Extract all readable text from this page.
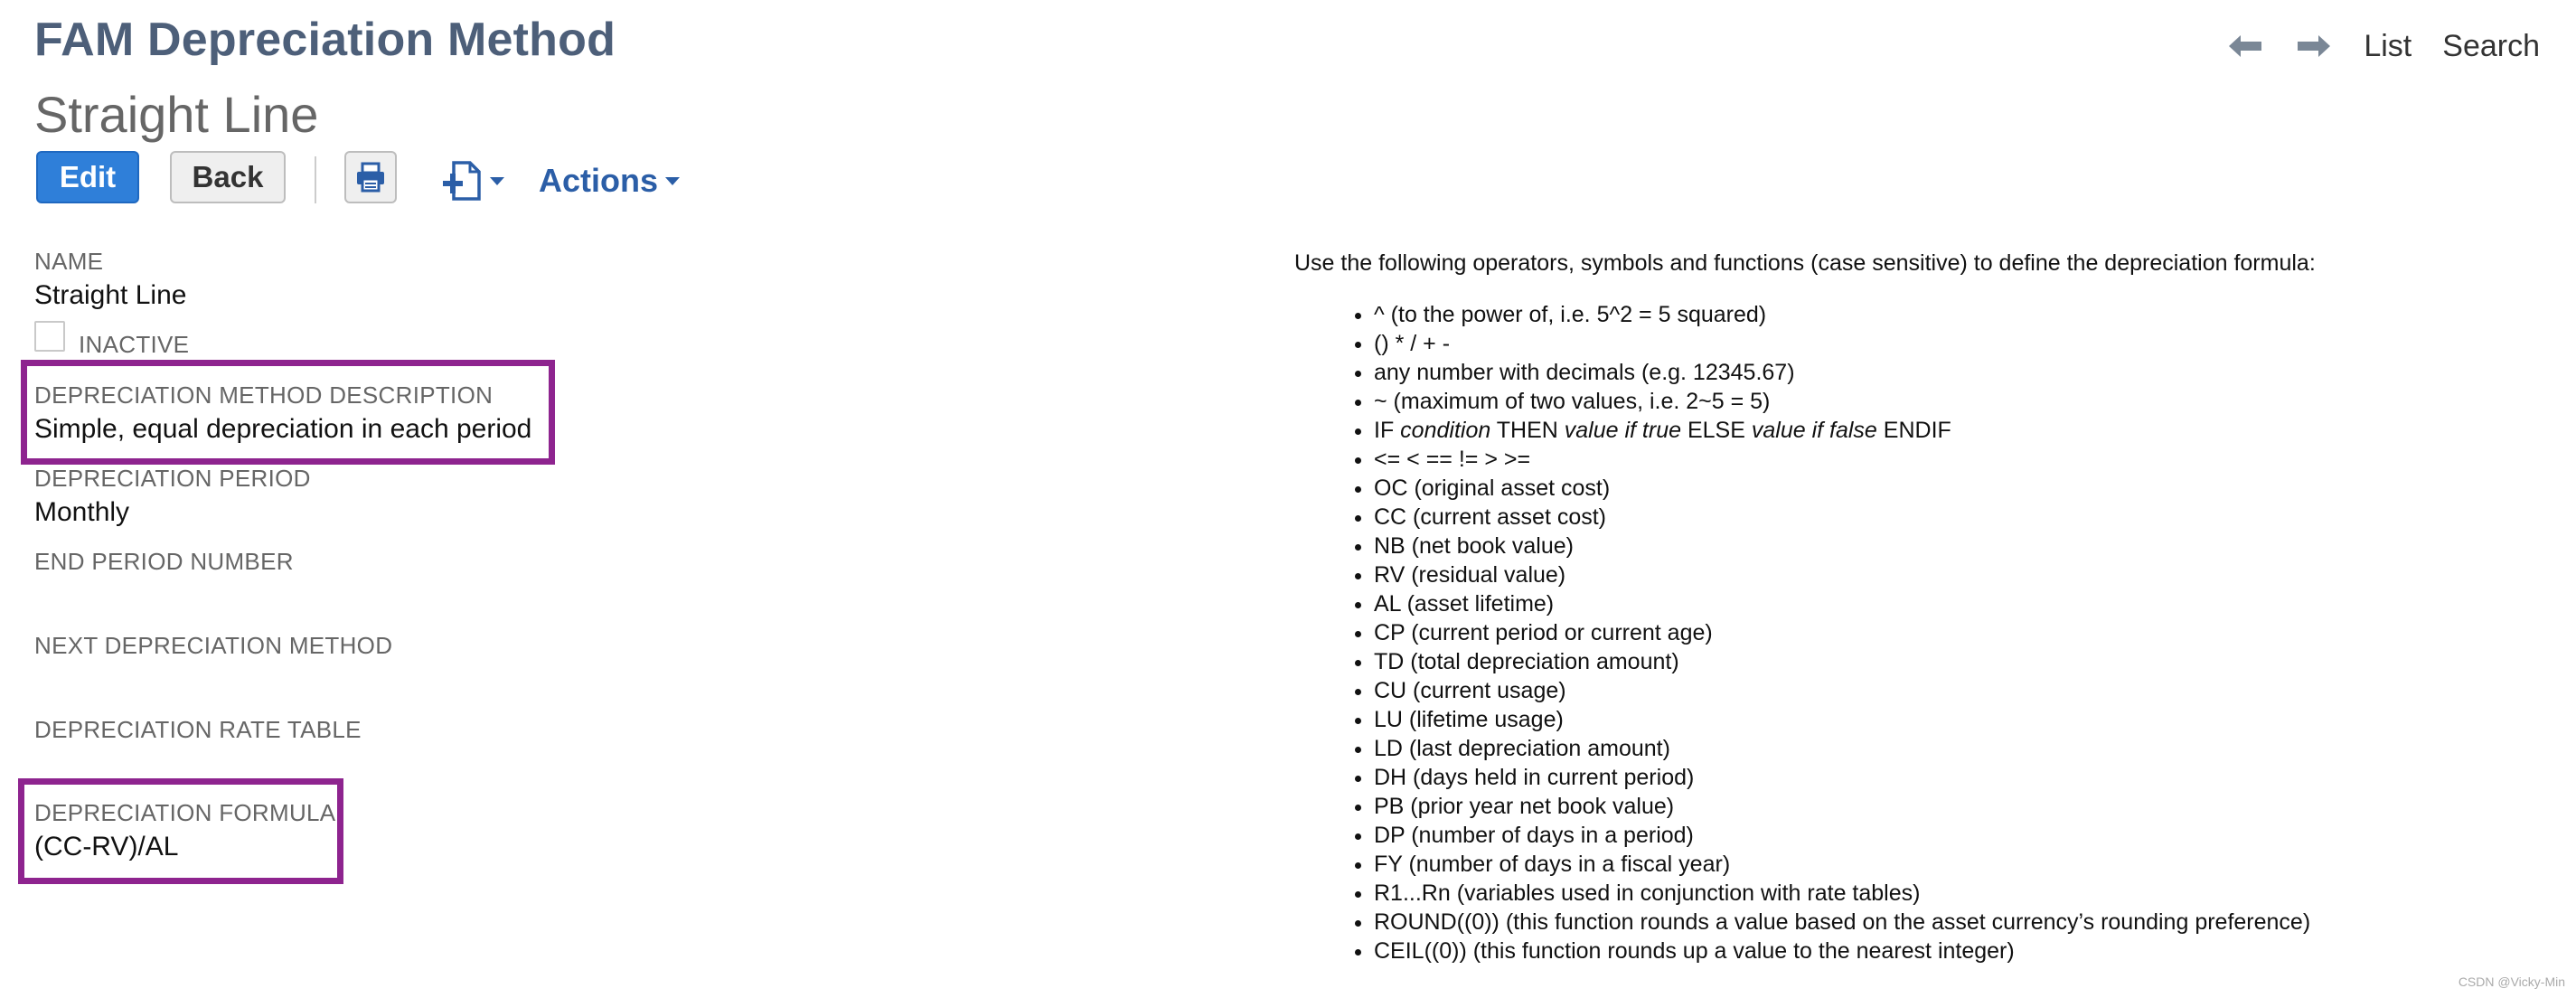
FAM Depreciation Method
Straight Line
List Search
Edit	Back	Actions

NAME

Straight Line

INACTIVE

DEPRECIATION METHOD DESCRIPTION

Simple, equal depreciation in each period

DEPRECIATION PERIOD

Monthly

END PERIOD NUMBER

NEXT DEPRECIATION METHOD

DEPRECIATION RATE TABLE

DEPRECIATION FORMULA

(CC-RV)/AL

Use the following operators, symbols and functions (case sensitive) to define the depreciation formula:

• ^ (to the power of, i.e. 5^2 = 5 squared)
• () * / + -
• any number with decimals (e.g. 12345.67)
• ~ (maximum of two values, i.e. 2~5 = 5)
• IF condition THEN value if true ELSE value if false ENDIF
• <= < == != > >=
• OC (original asset cost)
• CC (current asset cost)
• NB (net book value)
• RV (residual value)
• AL (asset lifetime)
• CP (current period or current age)
• TD (total depreciation amount)
• CU (current usage)
• LU (lifetime usage)
• LD (last depreciation amount)
• DH (days held in current period)
• PB (prior year net book value)
• DP (number of days in a period)
• FY (number of days in a fiscal year)
• R1...Rn (variables used in conjunction with rate tables)
• ROUND((0)) (this function rounds a value based on the asset currency’s rounding preference)
• CEIL((0)) (this function rounds up a value to the nearest integer)
CSDN @Vicky-Min
